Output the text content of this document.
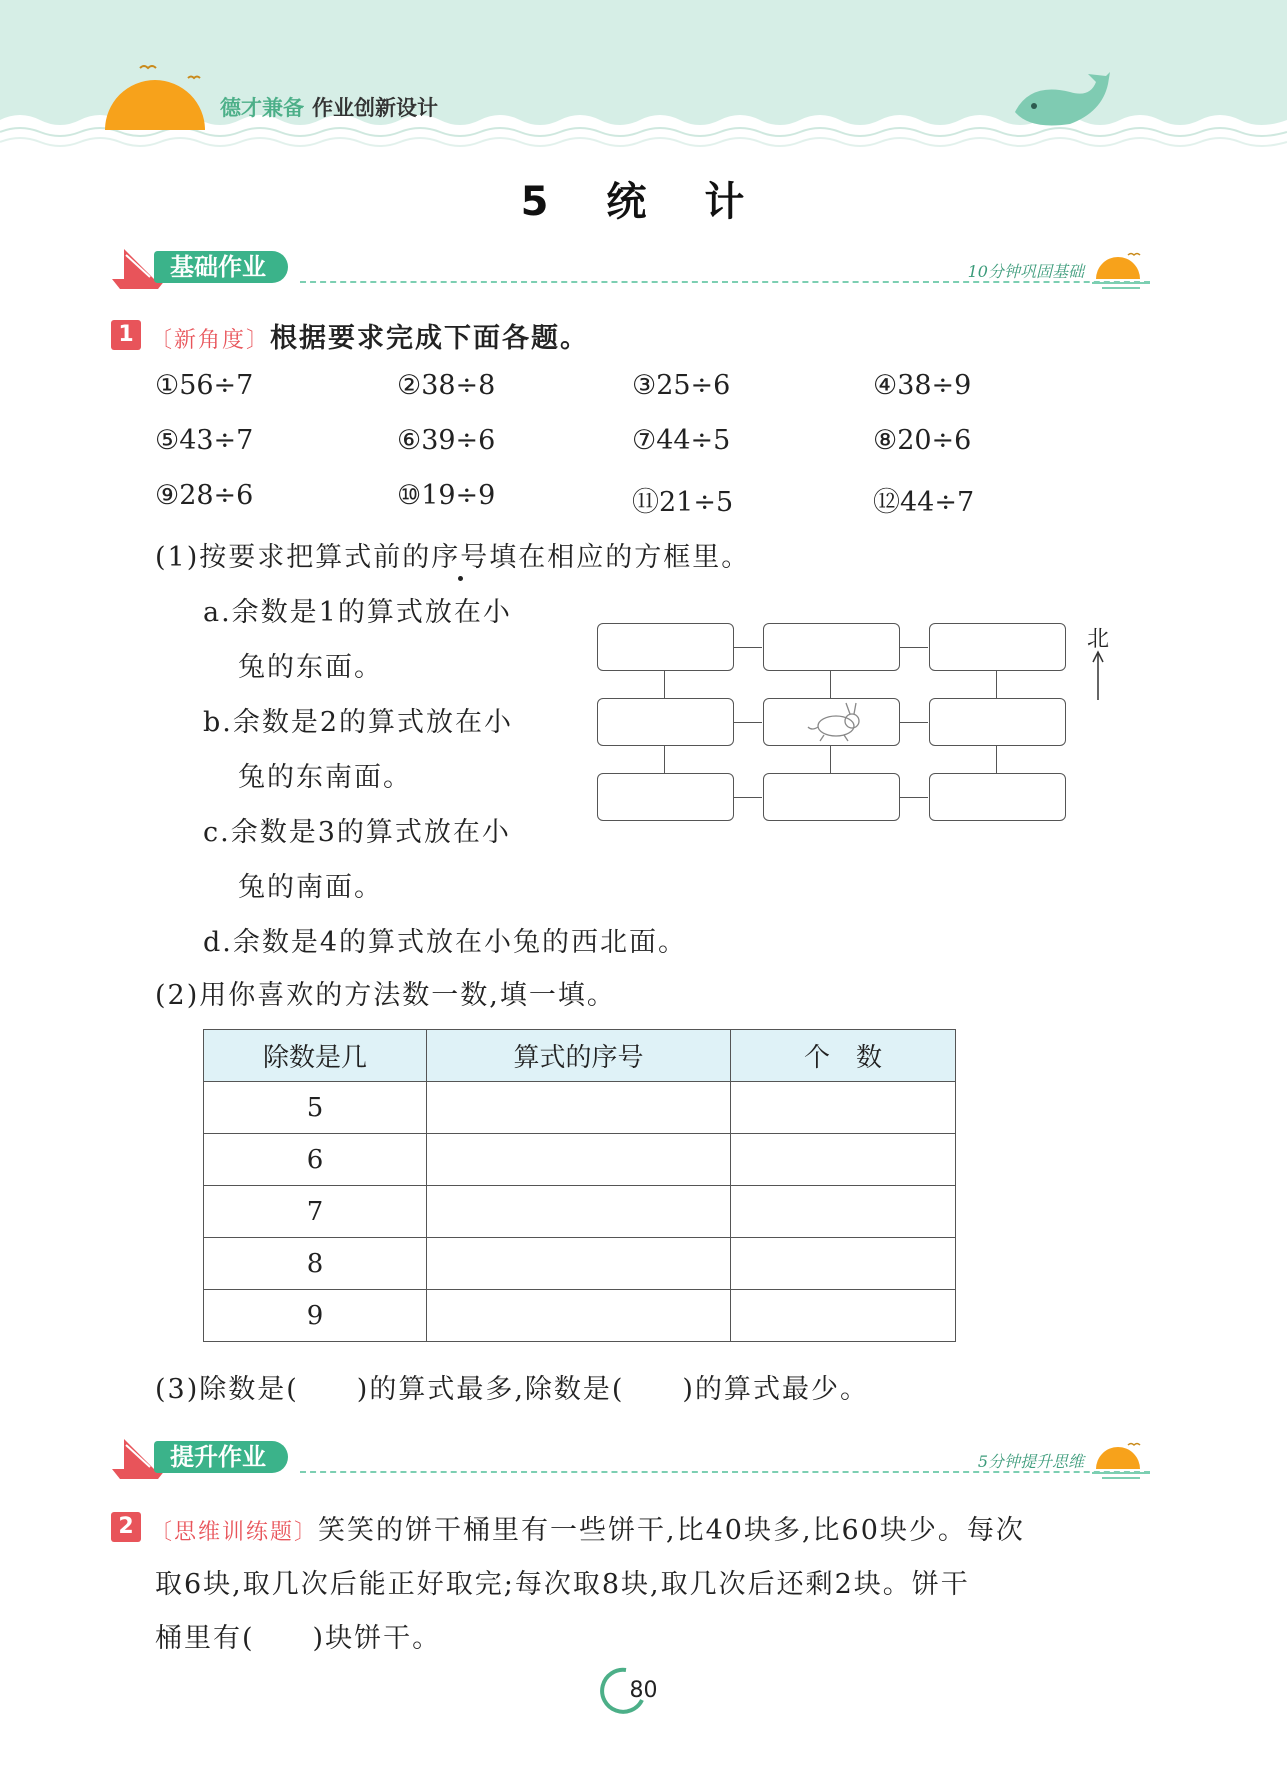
德才兼备 作业创新设计
5 统 计
基础作业	10分钟巩固基础
1 〔新角度〕根据要求完成下面各题。
①56÷7	②38÷8	③25÷6	④38÷9
⑤43÷7	⑥39÷6	⑦44÷5	⑧20÷6
⑨28÷6	⑩19÷9	⑪21÷5	⑫44÷7
(1)按要求把算式前的序号填在相应的方框里。
a.余数是1的算式放在小
兔的东面。
b.余数是2的算式放在小
兔的东南面。
c.余数是3的算式放在小
兔的南面。
d.余数是4的算式放在小兔的西北面。
北
(2)用你喜欢的方法数一数,填一填。
除数是几	算式的序号	个　数
5		
6		
7		
8		
9		
(3)除数是(　　)的算式最多,除数是(　　)的算式最少。
提升作业	5分钟提升思维
2 〔思维训练题〕笑笑的饼干桶里有一些饼干,比40块多,比60块少。每次
取6块,取几次后能正好取完;每次取8块,取几次后还剩2块。饼干
桶里有(　　)块饼干。
80
